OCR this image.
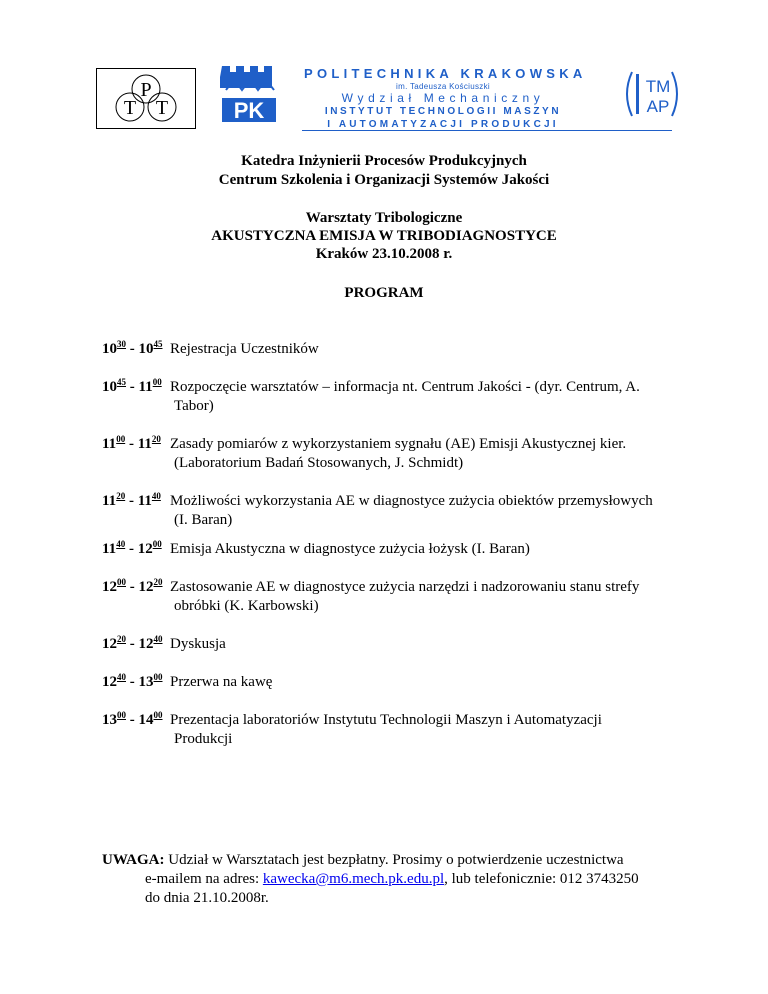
P
T T	PK
TM
AP
POLITECHNIKA KRAKOWSKA
im. Tadeusza Kościuszki
Wydział Mechaniczny
INSTYTUT TECHNOLOGII MASZYN
I AUTOMATYZACJI PRODUKCJI
Katedra Inżynierii Procesów Produkcyjnych
Centrum Szkolenia i Organizacji Systemów Jakości
Warsztaty Tribologiczne
AKUSTYCZNA EMISJA W TRIBODIAGNOSTYCE
Kraków 23.10.2008 r.
PROGRAM
$10^{30} - 10^{45}$ Rejestracja Uczestników
$10^{45} - 11^{00}$ Rozpoczęcie warsztatów – informacja nt. Centrum Jakości - (dyr. Centrum, A.
Tabor)
$11^{00} - 11^{20}$ Zasady pomiarów z wykorzystaniem sygnału (AE) Emisji Akustycznej kier.
(Laboratorium Badań Stosowanych, J. Schmidt)
$11^{20} - 11^{40}$ Możliwości wykorzystania AE w diagnostyce zużycia obiektów przemysłowych
(I. Baran)
$11^{40} - 12^{00}$ Emisja Akustyczna w diagnostyce zużycia łożysk (I. Baran)
$12^{00} - 12^{20}$ Zastosowanie AE w diagnostyce zużycia narzędzi i nadzorowaniu stanu strefy
obróbki (K. Karbowski)
$12^{20} - 12^{40}$ Dyskusja
$12^{40} - 13^{00}$ Przerwa na kawę
$13^{00} - 14^{00}$ Prezentacja laboratoriów Instytutu Technologii Maszyn i Automatyzacji
Produkcji
UWAGA: Udział w Warsztatach jest bezpłatny. Prosimy o potwierdzenie uczestnictwa
e-mailem na adres: kawecka@m6.mech.pk.edu.pl, lub telefonicznie: 012 3743250
do dnia 21.10.2008r.
